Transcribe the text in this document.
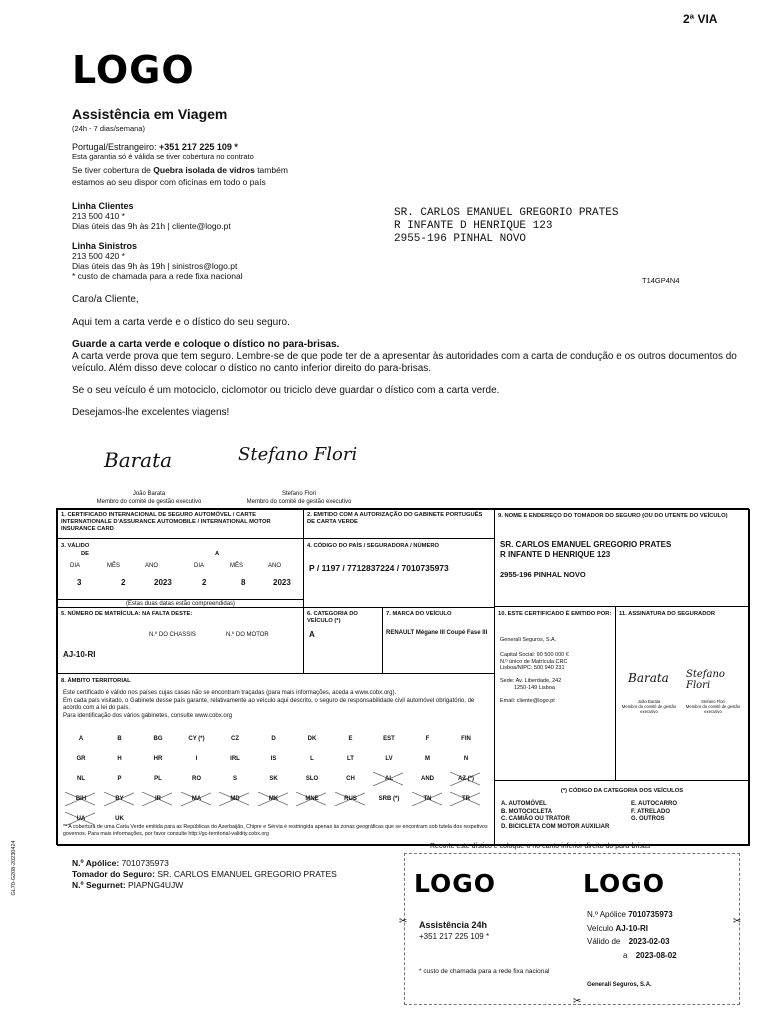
2ª VIA
LOGO
Assistência em Viagem
(24h - 7 dias/semana)
Portugal/Estrangeiro: +351 217 225 109 *
Esta garantia só é válida se tiver cobertura no contrato
Se tiver cobertura de Quebra isolada de vidros também
estamos ao seu dispor com oficinas em todo o país
Linha Clientes
213 500 410 *
Dias úteis das 9h às 21h | cliente@logo.pt
Linha Sinistros
213 500 420 *
Dias úteis das 9h às 19h | sinistros@logo.pt
* custo de chamada para a rede fixa nacional
SR. CARLOS EMANUEL GREGORIO PRATES
R INFANTE D HENRIQUE 123
2955-196 PINHAL NOVO
T14GP4N4
Caro/a Cliente,
Aqui tem a carta verde e o dístico do seu seguro.
Guarde a carta verde e coloque o dístico no para-brisas.
A carta verde prova que tem seguro. Lembre-se de que pode ter de a apresentar às autoridades com a carta de condução e os outros documentos do veículo. Além disso deve colocar o dístico no canto inferior direito do para-brisas.
Se o seu veículo é um motociclo, ciclomotor ou triciclo deve guardar o dístico com a carta verde.
Desejamos-lhe excelentes viagens!
Barata	Stefano Flori
João Barata
Membro do comité de gestão executivo
Stefano Flori
Membro do comité de gestão executivo
1. CERTIFICADO INTERNACIONAL DE SEGURO AUTOMÓVEL / CARTE INTERNATIONALE D'ASSURANCE AUTOMOBILE / INTERNATIONAL MOTOR INSURANCE CARD
2. EMITIDO COM A AUTORIZAÇÃO DO GABINETE PORTUGUÊS DE CARTA VERDE
3. VÁLIDO
DE	A
DIA	MÊS	ANO	DIA	MÊS	ANO
3	2	2023	2	8	2023
(Estas duas datas estão compreendidas)
4. CÓDIGO DO PAÍS / SEGURADORA / NÚMERO
P / 1197 / 7712837224 / 7010735973
5. NÚMERO DE MATRÍCULA: NA FALTA DESTE:
N.º DO CHASSIS	N.º DO MOTOR
AJ-10-RI
6. CATEGORIA DO VEÍCULO (*)
A
7. MARCA DO VEÍCULO
RENAULT Mégane III Coupé Fase III
8. ÂMBITO TERRITORIAL
Este certificado é válido nos países cujas casas não se encontram traçadas (para mais informações, aceda a www.cobx.org).
Em cada país visitado, o Gabinete desse país garante, relativamente ao veículo aqui descrito, o seguro de responsabilidade civil automóvel obrigatório, de acordo com a lei do país.
Para identificação dos vários gabinetes, consulte www.cobx.org
A	B	BG	CY (*)	CZ	D	DK	E	EST	F	FIN
GR	H	HR	I	IRL	IS	L	LT	LV	M	N
NL	P	PL	RO	S	SK	SLO	CH	AL	AND	AZ (*)
BIH	BY	IR	MA	MD	MK	MNE	RUS	SRB (*)	TN	TR
UA	UK
** A cobertura de uma Carta Verde emitida para as Repúblicas do Azerbaijão, Chipre e Sérvia é restringida apenas às zonas geográficas que se encontram sob tutela dos respetivos governos. Para mais informações, por favor consulte http://gc-territorial-validity.cobx.org
9. NOME E ENDEREÇO DO TOMADOR DO SEGURO (OU DO UTENTE DO VEÍCULO)
SR. CARLOS EMANUEL GREGORIO PRATES
R INFANTE D HENRIQUE 123
2955-196 PINHAL NOVO
10. ESTE CERTIFICADO É EMITIDO POR:
Generali Seguros, S.A.
Capital Social: 90 500 000 €
N.º único de Matrícula CRC
Lisboa/NIPC: 500 940 231
Sede: Av. Liberdade, 242
1250-149 Lisboa
Email: cliente@logo.pt
11. ASSINATURA DO SEGURADOR
Barata Stefano Flori
João Barata
Membro do comité de gestão executivo
Stefano Flori
Membro do comité de gestão executivo
(*) CÓDIGO DA CATEGORIA DOS VEÍCULOS
A. AUTOMÓVEL
B. MOTOCICLETA
C. CAMIÃO OU TRATOR
D. BICICLETA COM MOTOR AUXILIAR
E. AUTOCARRO
F. ATRELADO
G. OUTROS
GL70-G208-20230424	N.º Apólice: 7010735973
Tomador do Seguro: SR. CARLOS EMANUEL GREGORIO PRATES
N.º Segurnet: PIAPNG4UJW
Recorte este dístico e coloque-o no canto inferior direito do para-brisas
LOGO	LOGO
Assistência 24h
+351 217 225 109 *
* custo de chamada para a rede fixa nacional
N.º Apólice 7010735973
Veículo AJ-10-RI
Válido de 2023-02-03
a 2023-08-02
Generali Seguros, S.A.
✂	✂
✂
